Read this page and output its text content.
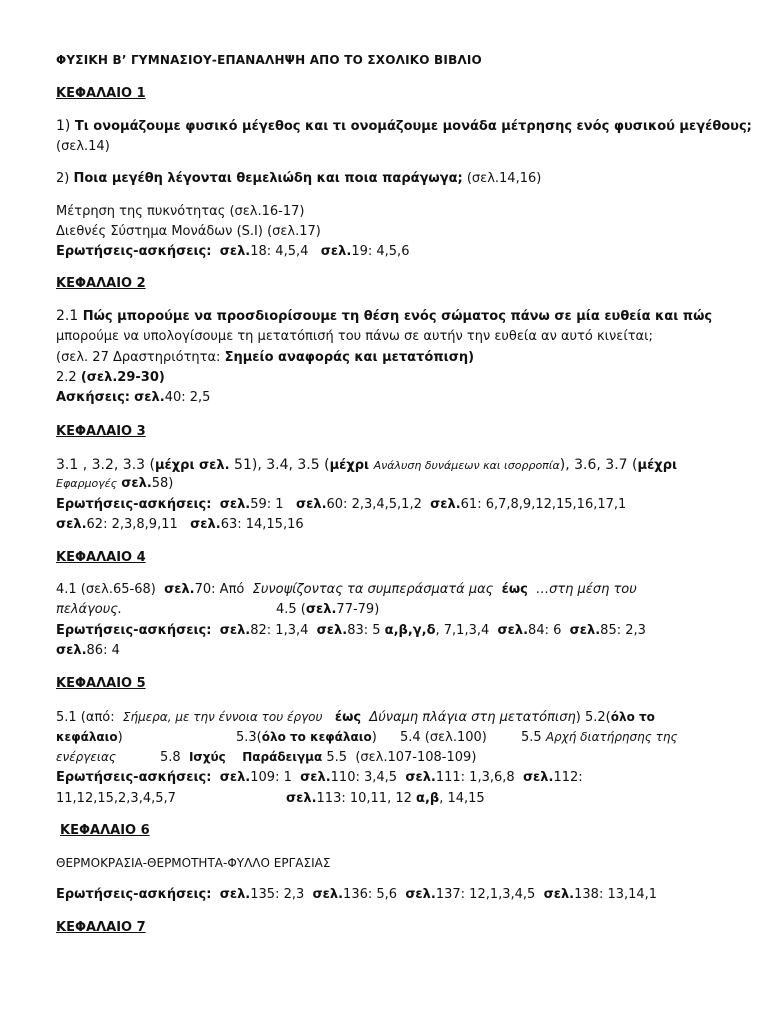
ΦΥΣΙΚΗ Β’ ΓΥΜΝΑΣΙΟΥ-ΕΠΑΝΑΛΗΨΗ ΑΠΟ ΤΟ ΣΧΟΛΙΚΟ ΒΙΒΛΙΟ
ΚΕΦΑΛΑΙΟ 1
1) Τι ονομάζουμε φυσικό μέγεθος και τι ονομάζουμε μονάδα μέτρησης ενός φυσικού μεγέθους;
(σελ.14)
2) Ποια μεγέθη λέγονται θεμελιώδη και ποια παράγωγα; (σελ.14,16)
Μέτρηση της πυκνότητας (σελ.16-17)
Διεθνές Σύστημα Μονάδων (S.I) (σελ.17)
Ερωτήσεις-ασκήσεις: σελ.18: 4,5,4 σελ.19: 4,5,6
ΚΕΦΑΛΑΙΟ 2
2.1 Πώς μπορούμε να προσδιορίσουμε τη θέση ενός σώματος πάνω σε μία ευθεία και πώς
μπορούμε να υπολογίσουμε τη μετατόπισή του πάνω σε αυτήν την ευθεία αν αυτό κινείται;
(σελ. 27 Δραστηριότητα: Σημείο αναφοράς και μετατόπιση)
2.2 (σελ.29-30)
Ασκήσεις: σελ.40: 2,5
ΚΕΦΑΛΑΙΟ 3
3.1 , 3.2, 3.3 (μέχρι σελ. 51), 3.4, 3.5 (μέχρι Ανάλυση δυνάμεων και ισορροπία), 3.6, 3.7 (μέχρι
Εφαρμογές σελ.58)
Ερωτήσεις-ασκήσεις: σελ.59: 1 σελ.60: 2,3,4,5,1,2 σελ.61: 6,7,8,9,12,15,16,17,1
σελ.62: 2,3,8,9,11 σελ.63: 14,15,16
ΚΕΦΑΛΑΙΟ 4
4.1 (σελ.65-68) σελ.70: Από Συνοψίζοντας τα συμπεράσματά μας έως …στη μέση του
πελάγους.	4.5 (σελ.77-79)
Ερωτήσεις-ασκήσεις: σελ.82: 1,3,4 σελ.83: 5 α,β,γ,δ, 7,1,3,4 σελ.84: 6 σελ.85: 2,3
σελ.86: 4
ΚΕΦΑΛΑΙΟ 5
5.1 (από: Σήμερα, με την έννοια του έργου έως Δύναμη πλάγια στη μετατόπιση) 5.2(όλο το
κεφάλαιο)	5.3(όλο το κεφάλαιο) 5.4 (σελ.100)	5.5 Αρχή διατήρησης της
ενέργειας	5.8 Ισχύς Παράδειγμα 5.5 (σελ.107-108-109)
Ερωτήσεις-ασκήσεις: σελ.109: 1 σελ.110: 3,4,5 σελ.111: 1,3,6,8 σελ.112:
11,12,15,2,3,4,5,7	σελ.113: 10,11, 12 α,β, 14,15
ΚΕΦΑΛΑΙΟ 6
ΘΕΡΜΟΚΡΑΣΙΑ-ΘΕΡΜΟΤΗΤΑ-ΦΥΛΛΟ ΕΡΓΑΣΙΑΣ
Ερωτήσεις-ασκήσεις: σελ.135: 2,3 σελ.136: 5,6 σελ.137: 12,1,3,4,5 σελ.138: 13,14,1
ΚΕΦΑΛΑΙΟ 7
